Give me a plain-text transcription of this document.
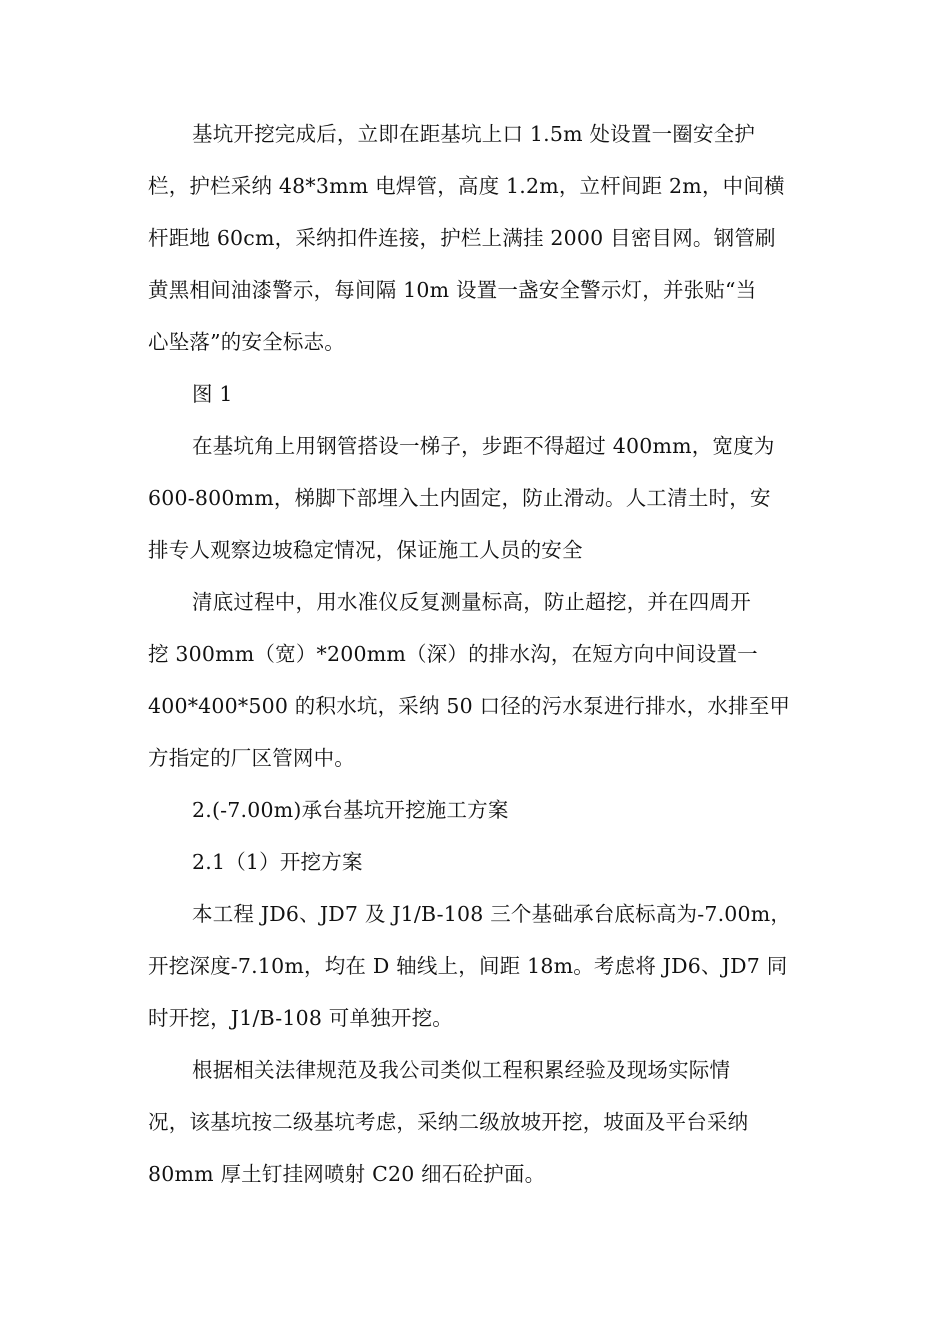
基坑开挖完成后，立即在距基坑上口 1.5m 处设置一圈安全护
栏，护栏采纳 48*3mm 电焊管，高度 1.2m，立杆间距 2m，中间横
杆距地 60cm，采纳扣件连接，护栏上满挂 2000 目密目网。钢管刷
黄黑相间油漆警示，每间隔 10m 设置一盏安全警示灯，并张贴“当
心坠落”的安全标志。
图 1
在基坑角上用钢管搭设一梯子，步距不得超过 400mm，宽度为
600-800mm，梯脚下部埋入土内固定，防止滑动。人工清土时，安
排专人观察边坡稳定情况，保证施工人员的安全
清底过程中，用水准仪反复测量标高，防止超挖，并在四周开
挖 300mm（宽）*200mm（深）的排水沟，在短方向中间设置一
400*400*500 的积水坑，采纳 50 口径的污水泵进行排水，水排至甲
方指定的厂区管网中。
2.(-7.00m)承台基坑开挖施工方案
2.1（1）开挖方案
本工程 JD6、JD7 及 J1/B-108 三个基础承台底标高为-7.00m，
开挖深度-7.10m，均在 D 轴线上，间距 18m。考虑将 JD6、JD7 同
时开挖，J1/B-108 可单独开挖。
根据相关法律规范及我公司类似工程积累经验及现场实际情
况，该基坑按二级基坑考虑，采纳二级放坡开挖，坡面及平台采纳
80mm 厚土钉挂网喷射 C20 细石砼护面。
